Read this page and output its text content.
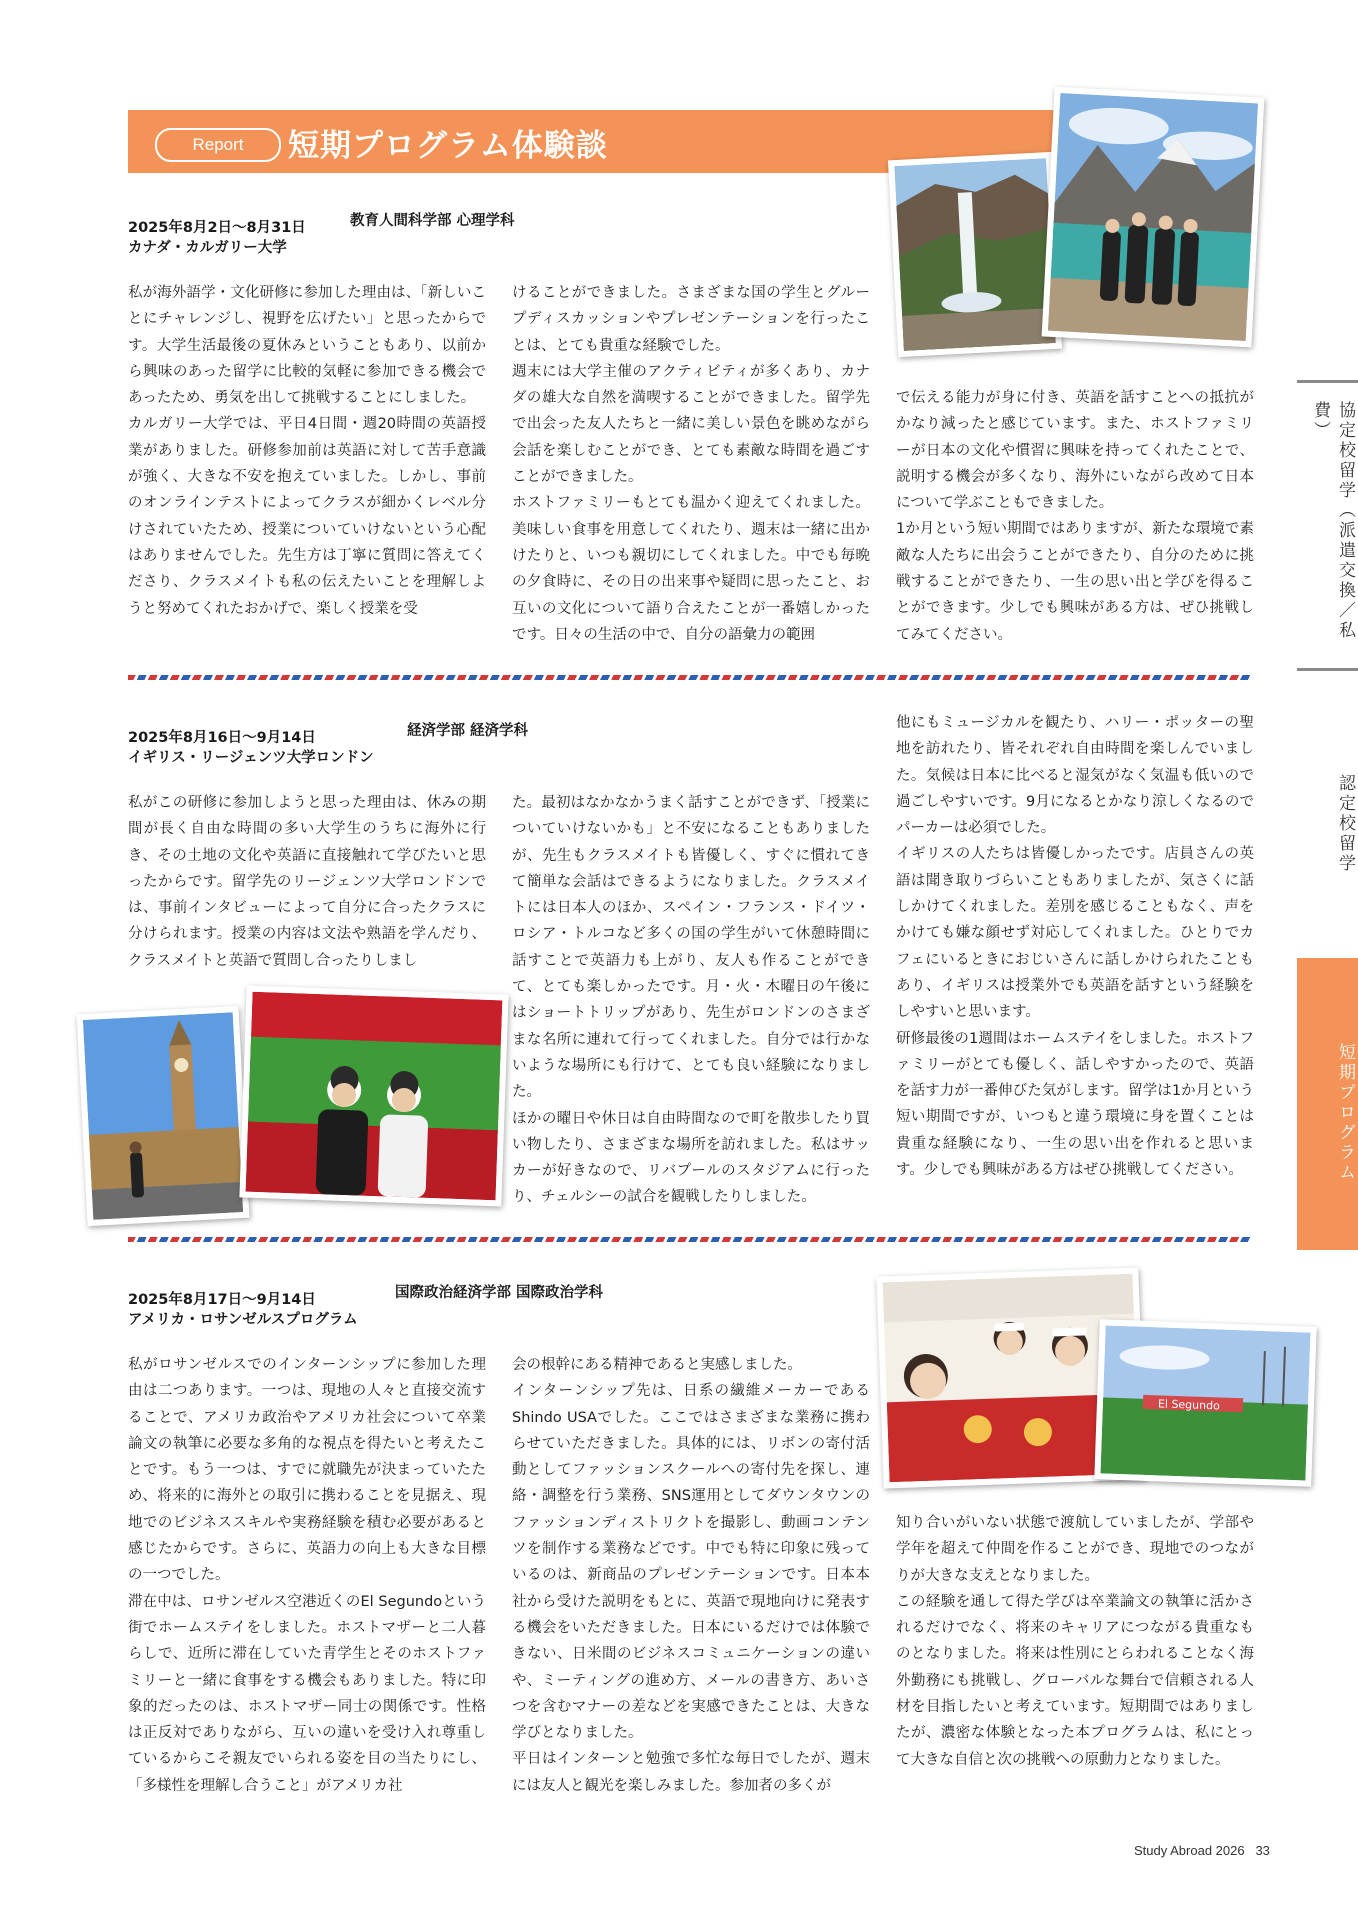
Report	短期プログラム体験談
2025年8月2日〜8月31日
カナダ・カルガリー大学
教育人間科学部 心理学科

私が海外語学・文化研修に参加した理由は、「新しいことにチャレンジし、視野を広げたい」と思ったからです。大学生活最後の夏休みということもあり、以前から興味のあった留学に比較的気軽に参加できる機会であったため、勇気を出して挑戦することにしました。

カルガリー大学では、平日4日間・週20時間の英語授業がありました。研修参加前は英語に対して苦手意識が強く、大きな不安を抱えていました。しかし、事前のオンラインテストによってクラスが細かくレベル分けされていたため、授業についていけないという心配はありませんでした。先生方は丁寧に質問に答えてくださり、クラスメイトも私の伝えたいことを理解しようと努めてくれたおかげで、楽しく授業を受

けることができました。さまざまな国の学生とグループディスカッションやプレゼンテーションを行ったことは、とても貴重な経験でした。

週末には大学主催のアクティビティが多くあり、カナダの雄大な自然を満喫することができました。留学先で出会った友人たちと一緒に美しい景色を眺めながら会話を楽しむことができ、とても素敵な時間を過ごすことができました。

ホストファミリーもとても温かく迎えてくれました。美味しい食事を用意してくれたり、週末は一緒に出かけたりと、いつも親切にしてくれました。中でも毎晩の夕食時に、その日の出来事や疑問に思ったこと、お互いの文化について語り合えたことが一番嬉しかったです。日々の生活の中で、自分の語彙力の範囲

で伝える能力が身に付き、英語を話すことへの抵抗がかなり減ったと感じています。また、ホストファミリーが日本の文化や慣習に興味を持ってくれたことで、説明する機会が多くなり、海外にいながら改めて日本について学ぶこともできました。

1か月という短い期間ではありますが、新たな環境で素敵な人たちに出会うことができたり、自分のために挑戦することができたり、一生の思い出と学びを得ることができます。少しでも興味がある方は、ぜひ挑戦してみてください。

2025年8月16日〜9月14日
イギリス・リージェンツ大学ロンドン
経済学部 経済学科

私がこの研修に参加しようと思った理由は、休みの期間が長く自由な時間の多い大学生のうちに海外に行き、その土地の文化や英語に直接触れて学びたいと思ったからです。留学先のリージェンツ大学ロンドンでは、事前インタビューによって自分に合ったクラスに分けられます。授業の内容は文法や熟語を学んだり、クラスメイトと英語で質問し合ったりしまし

た。最初はなかなかうまく話すことができず、「授業についていけないかも」と不安になることもありましたが、先生もクラスメイトも皆優しく、すぐに慣れてきて簡単な会話はできるようになりました。クラスメイトには日本人のほか、スペイン・フランス・ドイツ・ロシア・トルコなど多くの国の学生がいて休憩時間に話すことで英語力も上がり、友人も作ることができて、とても楽しかったです。月・火・木曜日の午後にはショートトリップがあり、先生がロンドンのさまざまな名所に連れて行ってくれました。自分では行かないような場所にも行けて、とても良い経験になりました。

ほかの曜日や休日は自由時間なので町を散歩したり買い物したり、さまざまな場所を訪れました。私はサッカーが好きなので、リバプールのスタジアムに行ったり、チェルシーの試合を観戦したりしました。

他にもミュージカルを観たり、ハリー・ポッターの聖地を訪れたり、皆それぞれ自由時間を楽しんでいました。気候は日本に比べると湿気がなく気温も低いので過ごしやすいです。9月になるとかなり涼しくなるのでパーカーは必須でした。

イギリスの人たちは皆優しかったです。店員さんの英語は聞き取りづらいこともありましたが、気さくに話しかけてくれました。差別を感じることもなく、声をかけても嫌な顔せず対応してくれました。ひとりでカフェにいるときにおじいさんに話しかけられたこともあり、イギリスは授業外でも英語を話すという経験をしやすいと思います。

研修最後の1週間はホームステイをしました。ホストファミリーがとても優しく、話しやすかったので、英語を話す力が一番伸びた気がします。留学は1か月という短い期間ですが、いつもと違う環境に身を置くことは貴重な経験になり、一生の思い出を作れると思います。少しでも興味がある方はぜひ挑戦してください。

2025年8月17日〜9月14日
アメリカ・ロサンゼルスプログラム
国際政治経済学部 国際政治学科

私がロサンゼルスでのインターンシップに参加した理由は二つあります。一つは、現地の人々と直接交流することで、アメリカ政治やアメリカ社会について卒業論文の執筆に必要な多角的な視点を得たいと考えたことです。もう一つは、すでに就職先が決まっていたため、将来的に海外との取引に携わることを見据え、現地でのビジネススキルや実務経験を積む必要があると感じたからです。さらに、英語力の向上も大きな目標の一つでした。

滞在中は、ロサンゼルス空港近くのEl Segundoという街でホームステイをしました。ホストマザーと二人暮らしで、近所に滞在していた青学生とそのホストファミリーと一緒に食事をする機会もありました。特に印象的だったのは、ホストマザー同士の関係です。性格は正反対でありながら、互いの違いを受け入れ尊重しているからこそ親友でいられる姿を目の当たりにし、「多様性を理解し合うこと」がアメリカ社

会の根幹にある精神であると実感しました。

インターンシップ先は、日系の繊維メーカーであるShindo USAでした。ここではさまざまな業務に携わらせていただきました。具体的には、リボンの寄付活動としてファッションスクールへの寄付先を探し、連絡・調整を行う業務、SNS運用としてダウンタウンのファッションディストリクトを撮影し、動画コンテンツを制作する業務などです。中でも特に印象に残っているのは、新商品のプレゼンテーションです。日本本社から受けた説明をもとに、英語で現地向けに発表する機会をいただきました。日本にいるだけでは体験できない、日米間のビジネスコミュニケーションの違いや、ミーティングの進め方、メールの書き方、あいさつを含むマナーの差などを実感できたことは、大きな学びとなりました。

平日はインターンと勉強で多忙な毎日でしたが、週末には友人と観光を楽しみました。参加者の多くが

知り合いがいない状態で渡航していましたが、学部や学年を超えて仲間を作ることができ、現地でのつながりが大きな支えとなりました。

この経験を通して得た学びは卒業論文の執筆に活かされるだけでなく、将来のキャリアにつながる貴重なものとなりました。将来は性別にとらわれることなく海外勤務にも挑戦し、グローバルな舞台で信頼される人材を目指したいと考えています。短期間ではありましたが、濃密な体験となった本プログラムは、私にとって大きな自信と次の挑戦への原動力となりました。

El Segundo
協定校留学（派遣交換／私費）
認定校留学
短期プログラム
Study Abroad 2026 33
